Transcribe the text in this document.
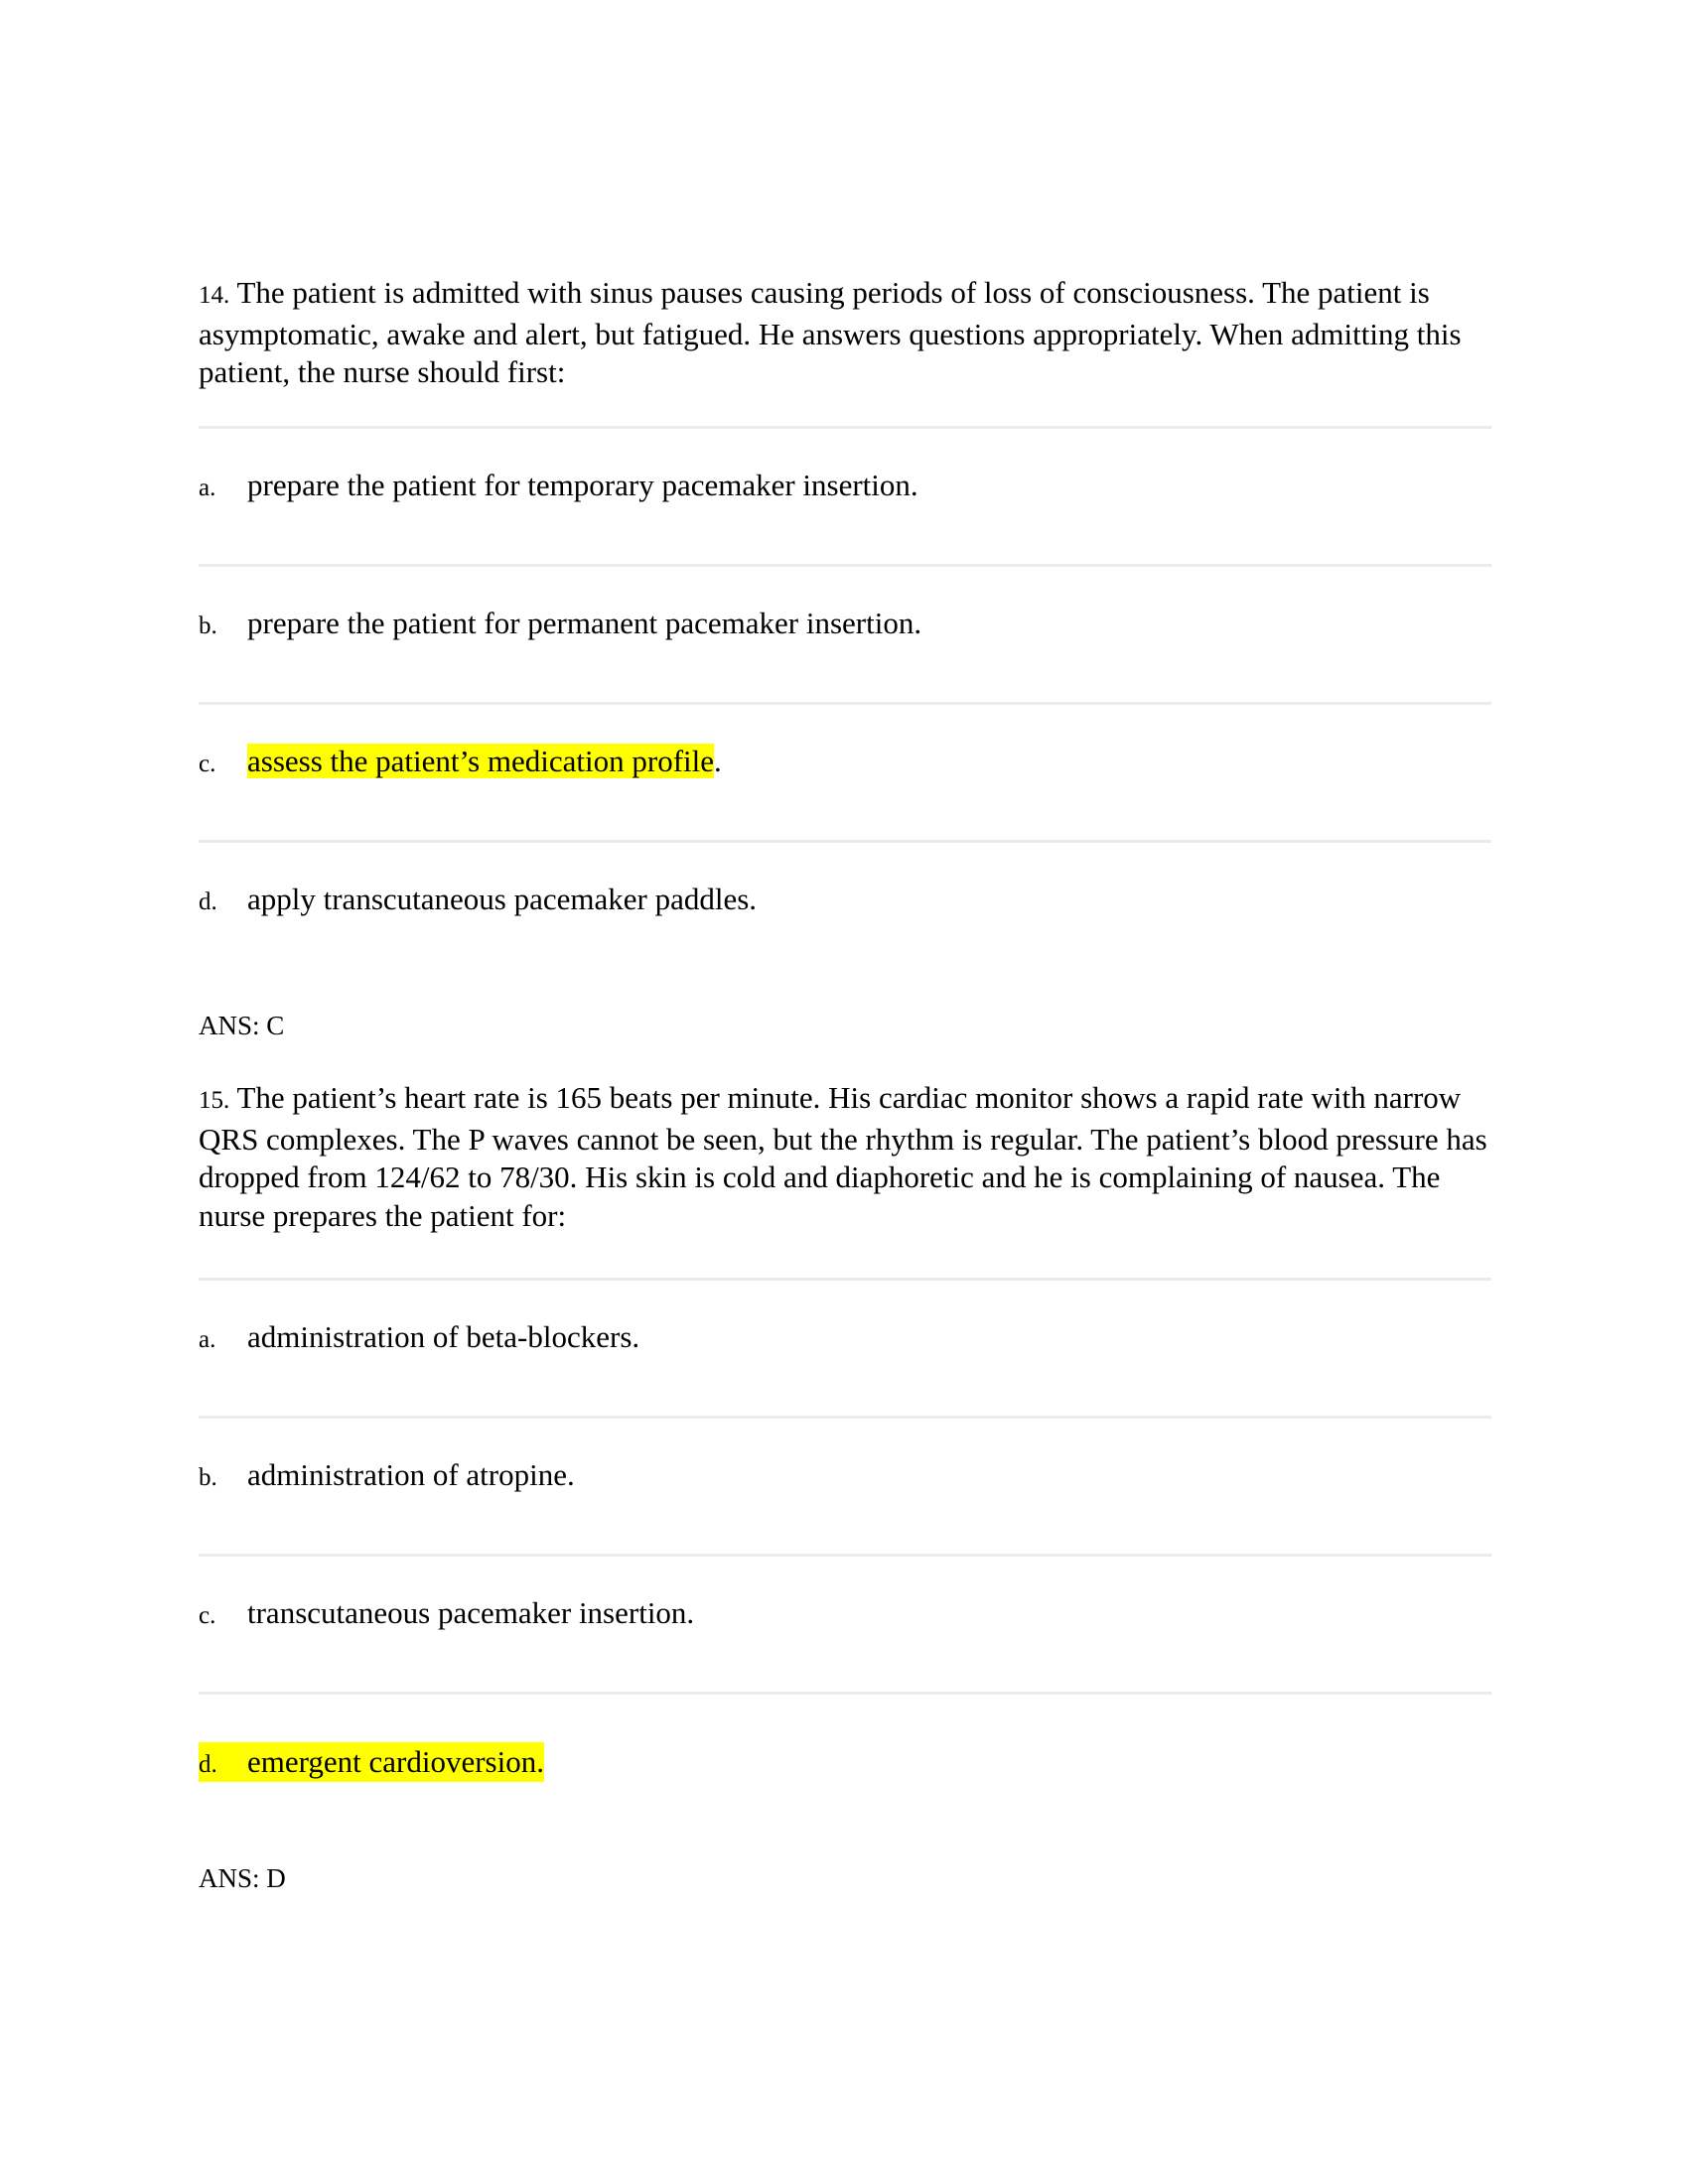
14. The patient is admitted with sinus pauses causing periods of loss of consciousness. The patient is asymptomatic, awake and alert, but fatigued. He answers questions appropriately. When admitting this patient, the nurse should first:
a. prepare the patient for temporary pacemaker insertion.
b. prepare the patient for permanent pacemaker insertion.
c. assess the patient’s medication profile.
d. apply transcutaneous pacemaker paddles.
ANS: C
15. The patient’s heart rate is 165 beats per minute. His cardiac monitor shows a rapid rate with narrow QRS complexes. The P waves cannot be seen, but the rhythm is regular. The patient’s blood pressure has dropped from 124/62 to 78/30. His skin is cold and diaphoretic and he is complaining of nausea. The nurse prepares the patient for:
a. administration of beta-blockers.
b. administration of atropine.
c. transcutaneous pacemaker insertion.
d. emergent cardioversion.
ANS: D
